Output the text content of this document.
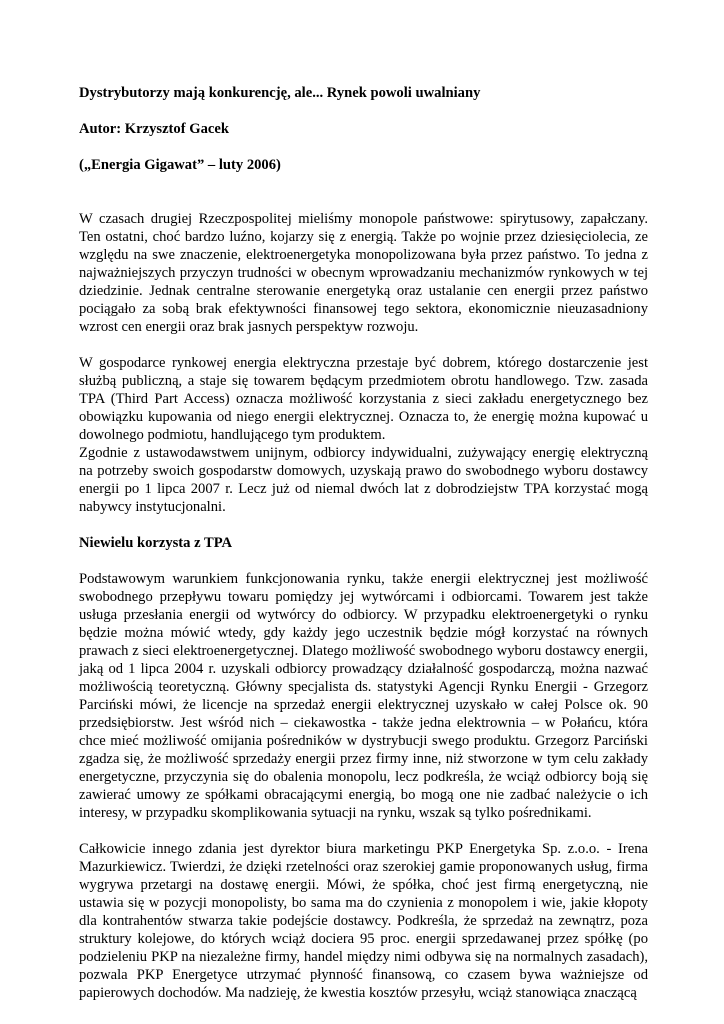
Dystrybutorzy mają konkurencję, ale... Rynek powoli uwalniany

Autor: Krzysztof Gacek

(„Energia Gigawat” – luty 2006)

W czasach drugiej Rzeczpospolitej mieliśmy monopole państwowe: spirytusowy, zapałczany. Ten ostatni, choć bardzo luźno, kojarzy się z energią. Także po wojnie przez dziesięciolecia, ze względu na swe znaczenie, elektroenergetyka monopolizowana była przez państwo. To jedna z najważniejszych przyczyn trudności w obecnym wprowadzaniu mechanizmów rynkowych w tej dziedzinie. Jednak centralne sterowanie energetyką oraz ustalanie cen energii przez państwo pociągało za sobą brak efektywności finansowej tego sektora, ekonomicznie nieuzasadniony wzrost cen energii oraz brak jasnych perspektyw rozwoju.

W gospodarce rynkowej energia elektryczna przestaje być dobrem, którego dostarczenie jest służbą publiczną, a staje się towarem będącym przedmiotem obrotu handlowego. Tzw. zasada TPA (Third Part Access) oznacza możliwość korzystania z sieci zakładu energetycznego bez obowiązku kupowania od niego energii elektrycznej. Oznacza to, że energię można kupować u dowolnego podmiotu, handlującego tym produktem.

Zgodnie z ustawodawstwem unijnym, odbiorcy indywidualni, zużywający energię elektryczną na potrzeby swoich gospodarstw domowych, uzyskają prawo do swobodnego wyboru dostawcy energii po 1 lipca 2007 r. Lecz już od niemal dwóch lat z dobrodziejstw TPA korzystać mogą nabywcy instytucjonalni.

Niewielu korzysta z TPA

Podstawowym warunkiem funkcjonowania rynku, także energii elektrycznej jest możliwość swobodnego przepływu towaru pomiędzy jej wytwórcami i odbiorcami. Towarem jest także usługa przesłania energii od wytwórcy do odbiorcy. W przypadku elektroenergetyki o rynku będzie można mówić wtedy, gdy każdy jego uczestnik będzie mógł korzystać na równych prawach z sieci elektroenergetycznej. Dlatego możliwość swobodnego wyboru dostawcy energii, jaką od 1 lipca 2004 r. uzyskali odbiorcy prowadzący działalność gospodarczą, można nazwać możliwością teoretyczną. Główny specjalista ds. statystyki Agencji Rynku Energii - Grzegorz Parciński mówi, że licencje na sprzedaż energii elektrycznej uzyskało w całej Polsce ok. 90 przedsiębiorstw. Jest wśród nich – ciekawostka - także jedna elektrownia – w Połańcu, która chce mieć możliwość omijania pośredników w dystrybucji swego produktu. Grzegorz Parciński zgadza się, że możliwość sprzedaży energii przez firmy inne, niż stworzone w tym celu zakłady energetyczne, przyczynia się do obalenia monopolu, lecz podkreśla, że wciąż odbiorcy boją się zawierać umowy ze spółkami obracającymi energią, bo mogą one nie zadbać należycie o ich interesy, w przypadku skomplikowania sytuacji na rynku, wszak są tylko pośrednikami.

Całkowicie innego zdania jest dyrektor biura marketingu PKP Energetyka Sp. z.o.o. - Irena Mazurkiewicz. Twierdzi, że dzięki rzetelności oraz szerokiej gamie proponowanych usług, firma wygrywa przetargi na dostawę energii. Mówi, że spółka, choć jest firmą energetyczną, nie ustawia się w pozycji monopolisty, bo sama ma do czynienia z monopolem i wie, jakie kłopoty dla kontrahentów stwarza takie podejście dostawcy. Podkreśla, że sprzedaż na zewnątrz, poza struktury kolejowe, do których wciąż dociera 95 proc. energii sprzedawanej przez spółkę (po podzieleniu PKP na niezależne firmy, handel między nimi odbywa się na normalnych zasadach), pozwala PKP Energetyce utrzymać płynność finansową, co czasem bywa ważniejsze od papierowych dochodów. Ma nadzieję, że kwestia kosztów przesyłu, wciąż stanowiąca znaczącą
